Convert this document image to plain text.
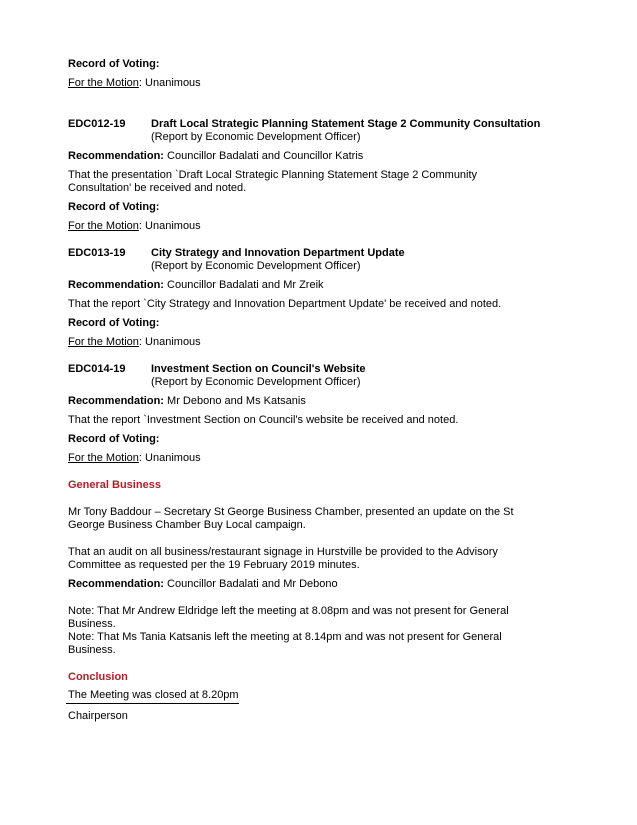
Record of Voting:

For the Motion: Unanimous

EDC012-19	Draft Local Strategic Planning Statement Stage 2 Community Consultation

(Report by Economic Development Officer)

Recommendation: Councillor Badalati and Councillor Katris

That the presentation `Draft Local Strategic Planning Statement Stage 2 Community

Consultation' be received and noted.

Record of Voting:

For the Motion: Unanimous

EDC013-19	City Strategy and Innovation Department Update

(Report by Economic Development Officer)

Recommendation: Councillor Badalati and Mr Zreik

That the report `City Strategy and Innovation Department Update' be received and noted.

Record of Voting:

For the Motion: Unanimous

EDC014-19	Investment Section on Council's Website

(Report by Economic Development Officer)

Recommendation: Mr Debono and Ms Katsanis

That the report `Investment Section on Council's website be received and noted.

Record of Voting:

For the Motion: Unanimous

General Business

Mr Tony Baddour – Secretary St George Business Chamber, presented an update on the St

George Business Chamber Buy Local campaign.

That an audit on all business/restaurant signage in Hurstville be provided to the Advisory

Committee as requested per the 19 February 2019 minutes.

Recommendation: Councillor Badalati and Mr Debono

Note: That Mr Andrew Eldridge left the meeting at 8.08pm and was not present for General

Business.

Note: That Ms Tania Katsanis left the meeting at 8.14pm and was not present for General

Business.

Conclusion

The Meeting was closed at 8.20pm

Chairperson
